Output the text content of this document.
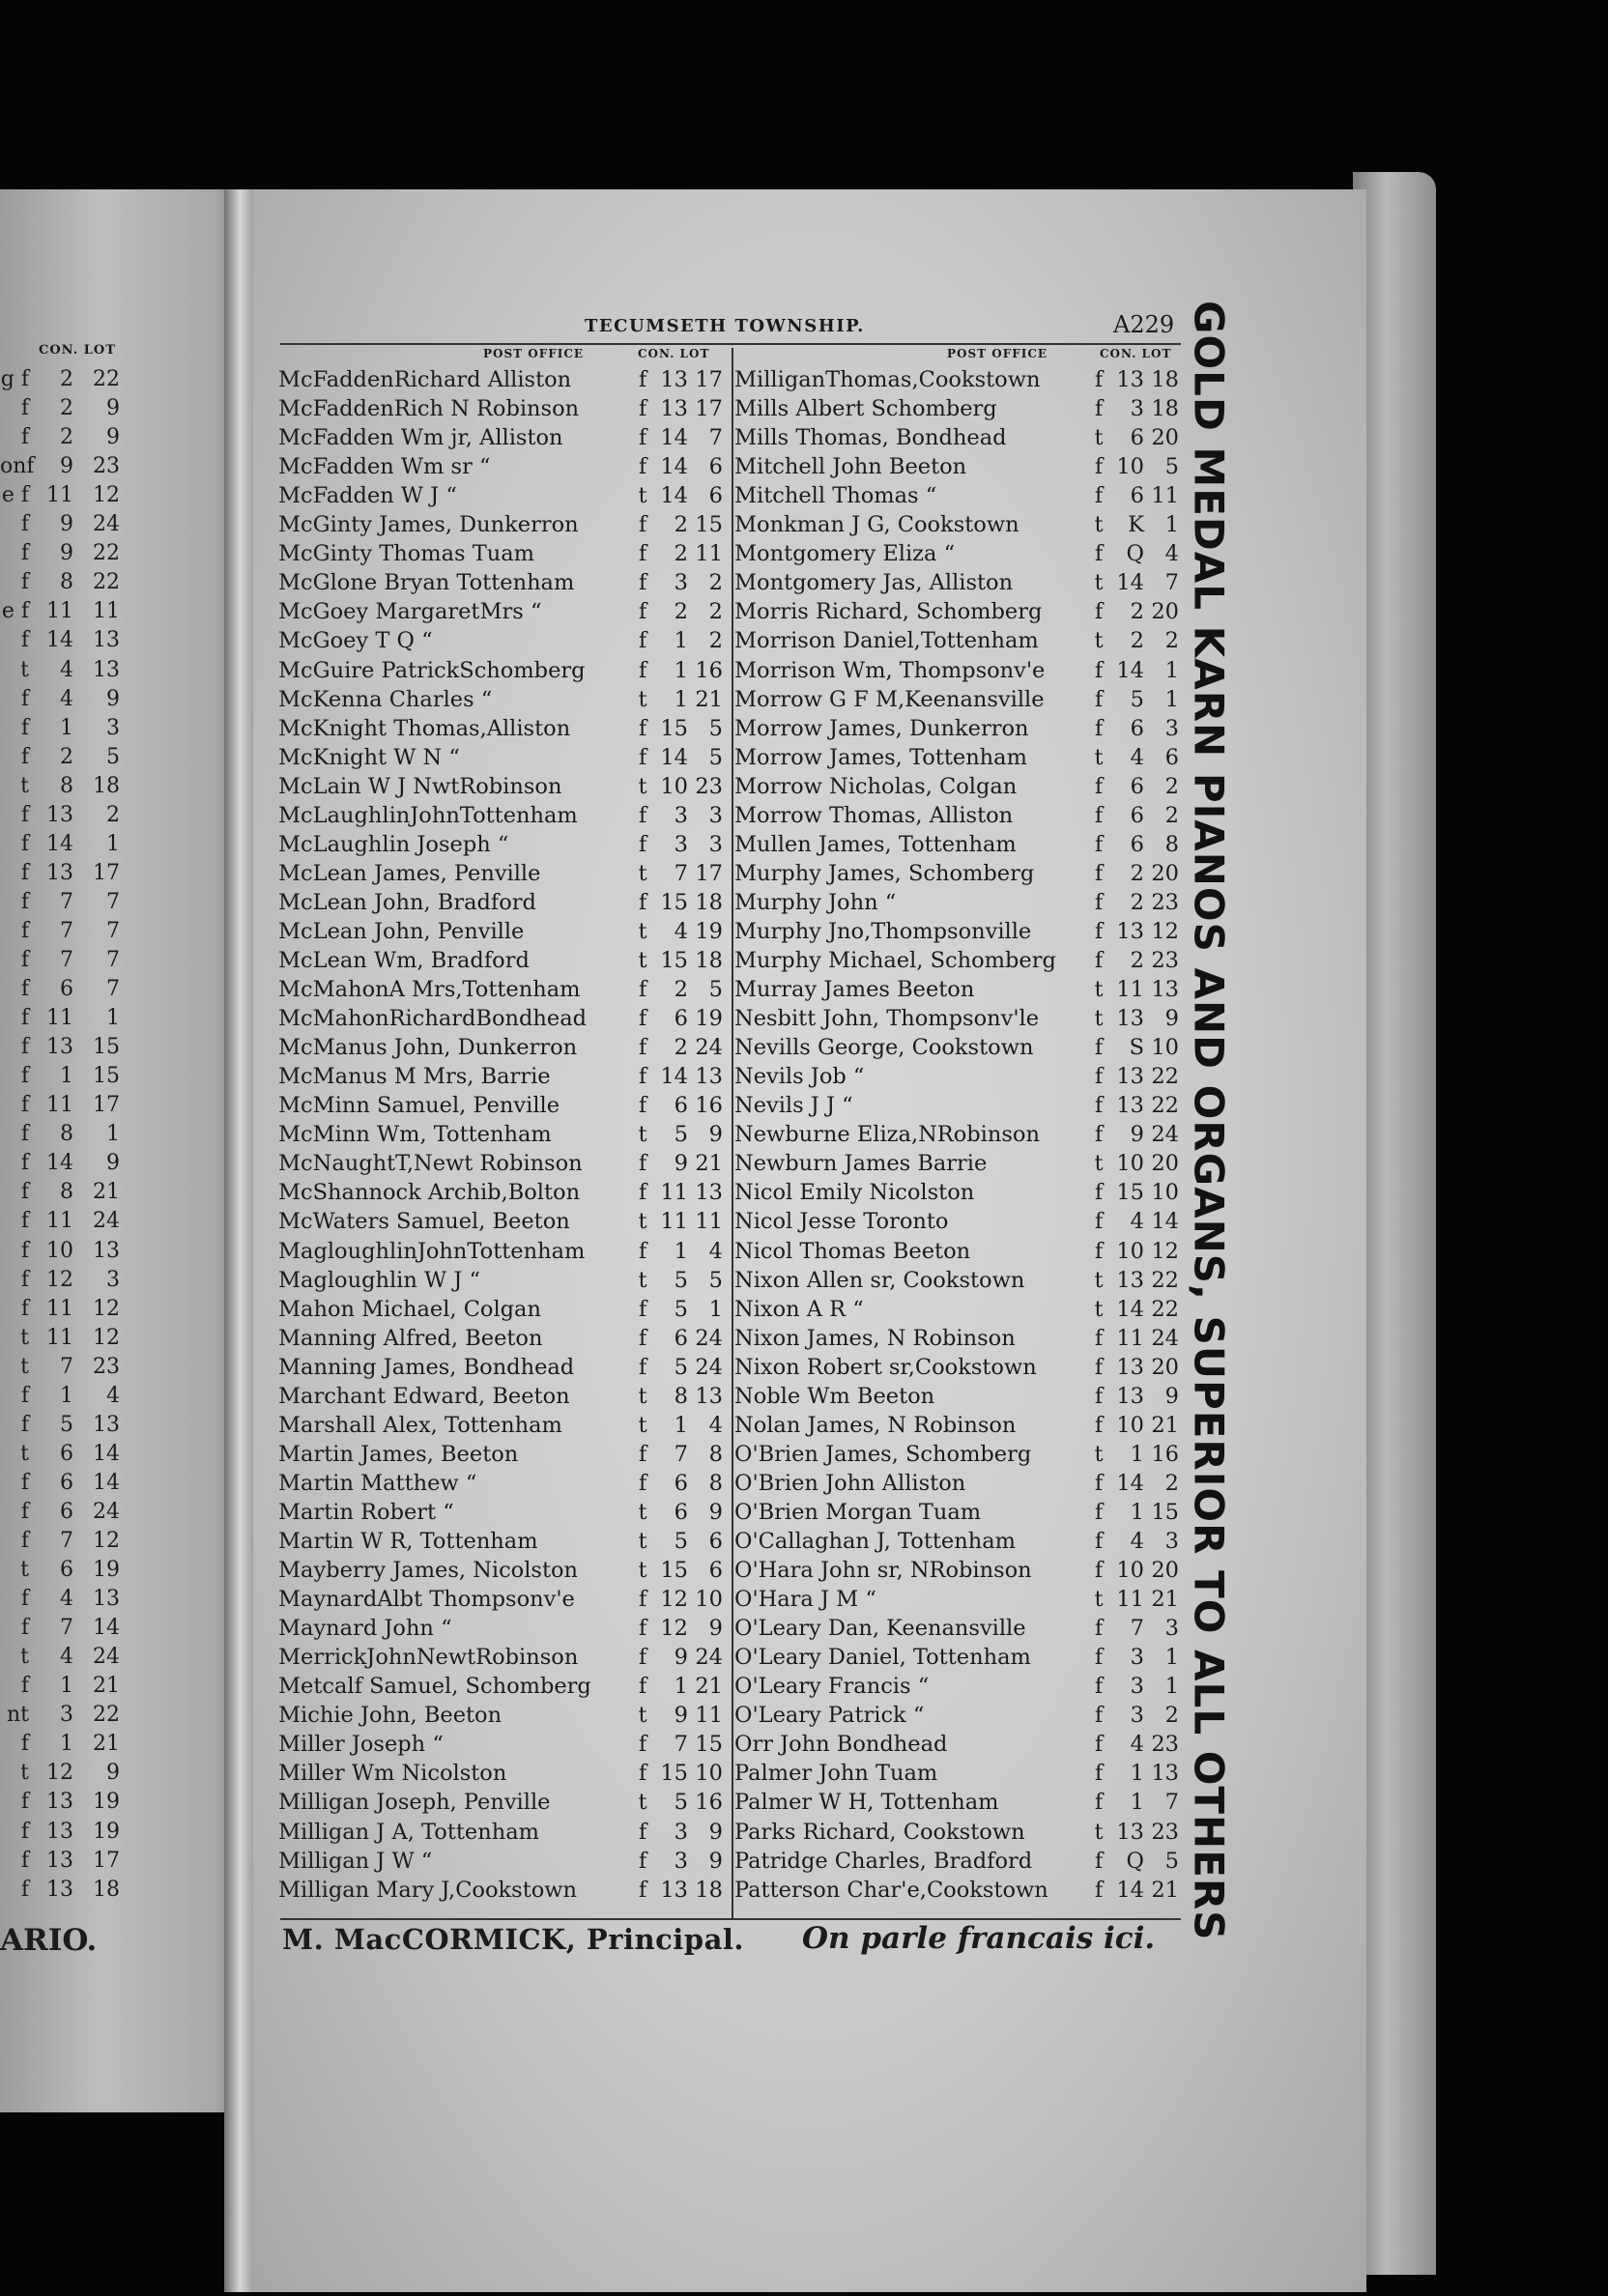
CON. LOT
g f	2 22
f	2	9
f	2	9
onf	9 23
e f 11 12
f	9 24
f	9 22
f	8 22
e f 11 11
f 14 13
t	4 13
f	4	9
f	1	3
f	2	5
t	8 18
f 13	2
f 14	1
f 13 17
f	7	7
f	7	7
f	7	7
f	6	7
f 11	1
f 13 15
f	1 15
f 11 17
f	8	1
f 14	9
f	8 21
f 11 24
f 10 13
f 12	3
f 11 12
t 11 12
t	7 23
f	1	4
f	5 13
t	6 14
f	6 14
f	6 24
f	7 12
t	6 19
f	4 13
f	7 14
t	4 24
f	1 21
nt	3 22
f	1 21
t 12	9
f 13 19
f 13 19
f 13 17
f 13 18
ARIO.
TECUMSETH TOWNSHIP.	A229
POST OFFICE	CON. LOT	POST OFFICE	CON. LOT
McFaddenRichard Alliston	f 13 17
McFaddenRich N Robinson	f 13 17
McFadden Wm jr, Alliston	f 14 7
McFadden Wm sr “	f 14 6
McFadden W J “	t 14 6
McGinty James, Dunkerron	f	2 15
McGinty Thomas Tuam	f	2 11
McGlone Bryan Tottenham	f	3 2
McGoey MargaretMrs “	f	2 2
McGoey T Q “	f	1 2
McGuire PatrickSchomberg f	1 16
McKenna Charles “	t	1 21
McKnight Thomas,Alliston	f 15 5
McKnight W N “	f 14 5
McLain W J NwtRobinson	t 10 23
McLaughlinJohnTottenham	f	3 3
McLaughlin Joseph “	f	3 3
McLean James, Penville	t	7 17
McLean John, Bradford	f 15 18
McLean John, Penville	t	4 19
McLean Wm, Bradford	t 15 18
McMahonA Mrs,Tottenham	f	2 5
McMahonRichardBondhead f	6 19
McManus John, Dunkerron	f	2 24
McManus M Mrs, Barrie	f 14 13
McMinn Samuel, Penville	f	6 16
McMinn Wm, Tottenham	t	5 9
McNaughtT,Newt Robinson	f	9 21
McShannock Archib,Bolton	f 11 13
McWaters Samuel, Beeton	t 11 11
MagloughlinJohnTottenham f	1 4
Magloughlin W J “	t	5 5
Mahon Michael, Colgan	f	5 1
Manning Alfred, Beeton	f	6 24
Manning James, Bondhead	f	5 24
Marchant Edward, Beeton	t	8 13
Marshall Alex, Tottenham	t	1 4
Martin James, Beeton	f	7 8
Martin Matthew “	f	6 8
Martin Robert “	t	6 9
Martin W R, Tottenham	t	5 6
Mayberry James, Nicolston	t 15 6
MaynardAlbt Thompsonv'e	f 12 10
Maynard John “	f 12 9
MerrickJohnNewtRobinson	f	9 24
Metcalf Samuel, Schomberg f	1 21
Michie John, Beeton	t	9 11
Miller Joseph “	f	7 15
Miller Wm Nicolston	f 15 10
Milligan Joseph, Penville	t	5 16
Milligan J A, Tottenham	f	3 9
Milligan J W “	f	3 9
Milligan Mary J,Cookstown	f 13 18
MilliganThomas,Cookstown	f 13 18
Mills Albert Schomberg	f	3 18
Mills Thomas, Bondhead	t	6 20
Mitchell John Beeton	f 10 5
Mitchell Thomas “	f	6 11
Monkman J G, Cookstown	t	K 1
Montgomery Eliza “	f	Q 4
Montgomery Jas, Alliston	t 14 7
Morris Richard, Schomberg f	2 20
Morrison Daniel,Tottenham	t	2 2
Morrison Wm, Thompsonv'e f 14 1
Morrow G F M,Keenansville f	5 1
Morrow James, Dunkerron	f	6 3
Morrow James, Tottenham	t	4 6
Morrow Nicholas, Colgan	f	6 2
Morrow Thomas, Alliston	f	6 2
Mullen James, Tottenham	f	6 8
Murphy James, Schomberg	f	2 20
Murphy John “	f	2 23
Murphy Jno,Thompsonville	f 13 12
Murphy Michael, Schomberg f	2 23
Murray James Beeton	t 11 13
Nesbitt John, Thompsonv'le	t 13 9
Nevills George, Cookstown	f	S 10
Nevils Job “	f 13 22
Nevils J J “	f 13 22
Newburne Eliza,NRobinson	f	9 24
Newburn James Barrie	t 10 20
Nicol Emily Nicolston	f 15 10
Nicol Jesse Toronto	f	4 14
Nicol Thomas Beeton	f 10 12
Nixon Allen sr, Cookstown	t 13 22
Nixon A R “	t 14 22
Nixon James, N Robinson	f 11 24
Nixon Robert sr,Cookstown	f 13 20
Noble Wm Beeton	f 13 9
Nolan James, N Robinson	f 10 21
O'Brien James, Schomberg	t	1 16
O'Brien John Alliston	f 14 2
O'Brien Morgan Tuam	f	1 15
O'Callaghan J, Tottenham	f	4 3
O'Hara John sr, NRobinson	f 10 20
O'Hara J M “	t 11 21
O'Leary Dan, Keenansville	f	7 3
O'Leary Daniel, Tottenham	f	3 1
O'Leary Francis “	f	3 1
O'Leary Patrick “	f	3 2
Orr John Bondhead	f	4 23
Palmer John Tuam	f	1 13
Palmer W H, Tottenham	f	1 7
Parks Richard, Cookstown	t 13 23
Patridge Charles, Bradford	f	Q 5
Patterson Char'e,Cookstown f 14 21
M. MacCORMICK, Principal. On parle francais ici. GOLD MEDAL KARN PIANOS AND ORGANS, SUPERIOR TO ALL OTHERS
